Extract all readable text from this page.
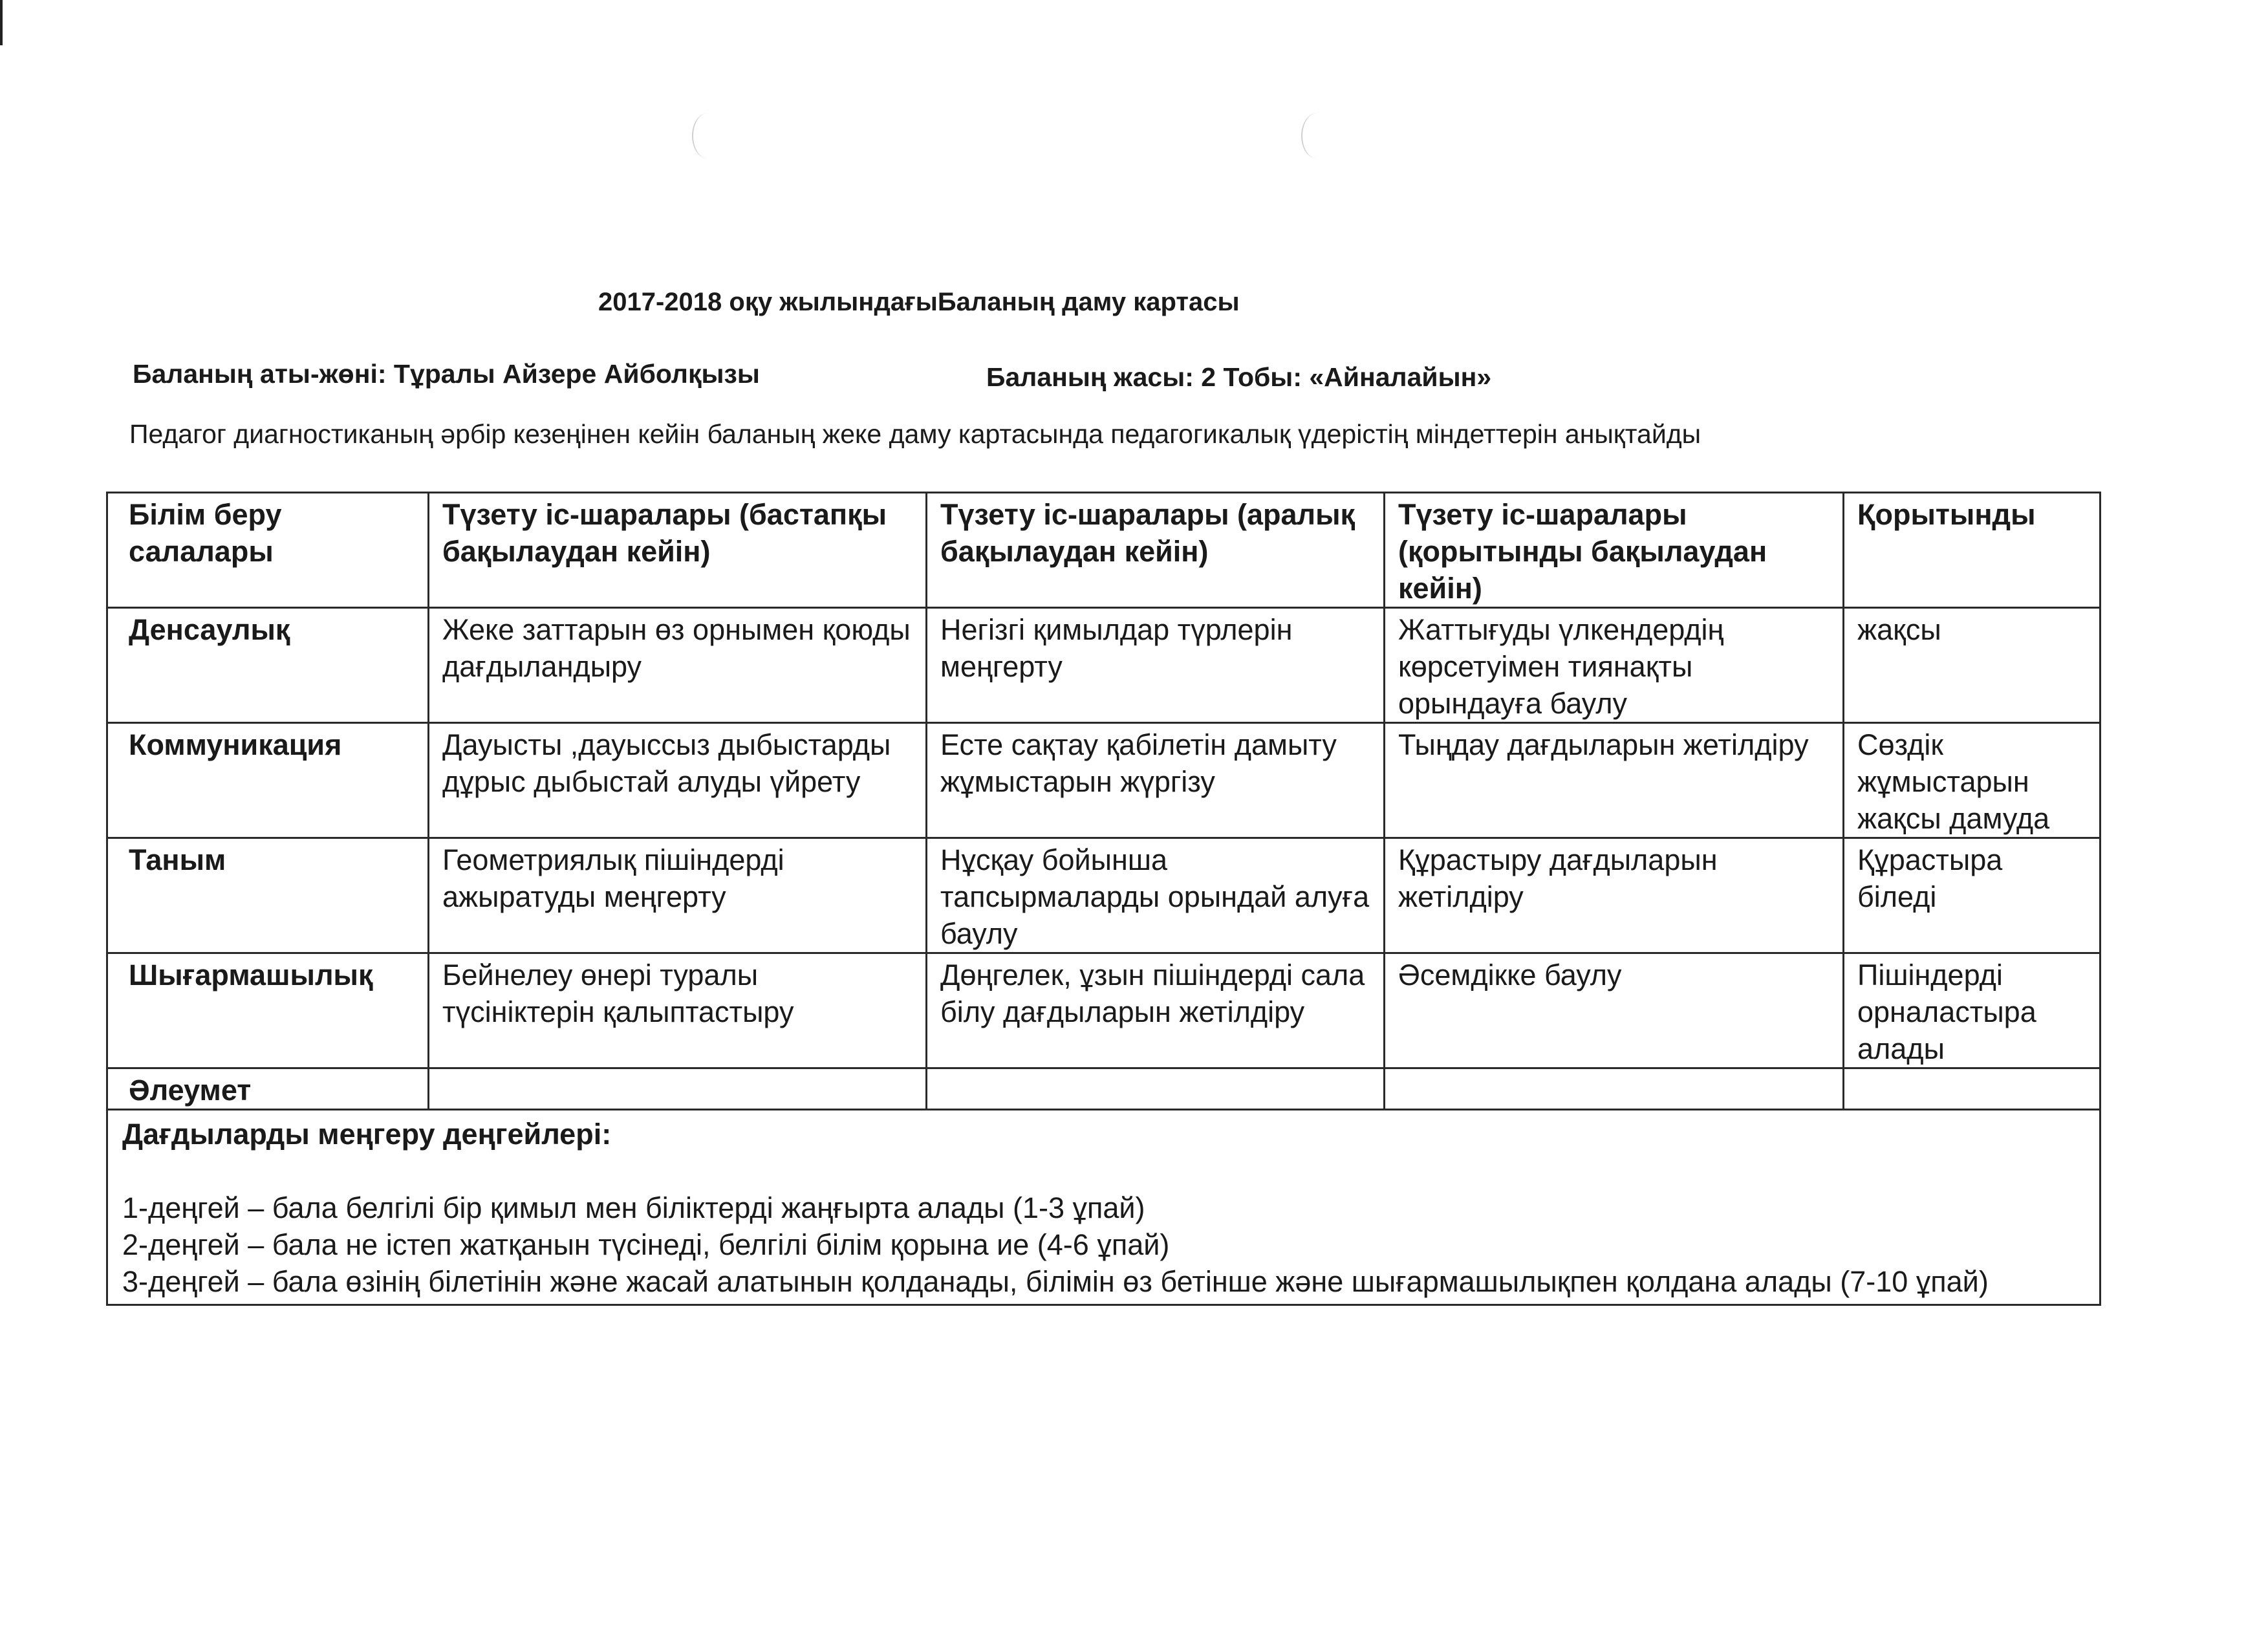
2017-2018 оқу жылындағыБаланың даму картасы
Баланың аты-жөні: Тұралы Айзере Айболқызы	Баланың жасы: 2 Тобы: «Айналайын»
Педагог диагностиканың әрбір кезеңінен кейін баланың жеке даму картасында педагогикалық үдерістің міндеттерін анықтайды
Білім беру салалары	Түзету іс-шаралары (бастапқы бақылаудан кейін)	Түзету іс-шаралары (аралық бақылаудан кейін)	Түзету іс-шаралары (қорытынды бақылаудан кейін)	Қорытынды
Денсаулық	Жеке заттарын өз орнымен қоюды дағдыландыру	Негізгі қимылдар түрлерін меңгерту	Жаттығуды үлкендердің көрсетуімен тиянақты орындауға баулу	жақсы
Коммуникация	Дауысты ,дауыссыз дыбыстарды дұрыс дыбыстай алуды үйрету	Есте сақтау қабілетін дамыту жұмыстарын жүргізу	Тыңдау дағдыларын жетілдіру	Сөздік жұмыстарын жақсы дамуда
Таным	Геометриялық пішіндерді ажыратуды меңгерту	Нұсқау бойынша тапсырмаларды орындай алуға баулу	Құрастыру дағдыларын жетілдіру	Құрастыра біледі
Шығармашылық	Бейнелеу өнері туралы түсініктерін қалыптастыру	Дөңгелек, ұзын пішіндерді сала білу дағдыларын жетілдіру	Әсемдікке баулу	Пішіндерді орналастыра алады
Әлеумет				

Дағдыларды меңгеру деңгейлері:
1-деңгей – бала белгілі бір қимыл мен біліктерді жаңғырта алады (1-3 ұпай)
2-деңгей – бала не істеп жатқанын түсінеді, белгілі білім қорына ие (4-6 ұпай)
3-деңгей – бала өзінің білетінін және жасай алатынын қолданады, білімін өз бетінше және шығармашылықпен қолдана алады (7-10 ұпай)				
